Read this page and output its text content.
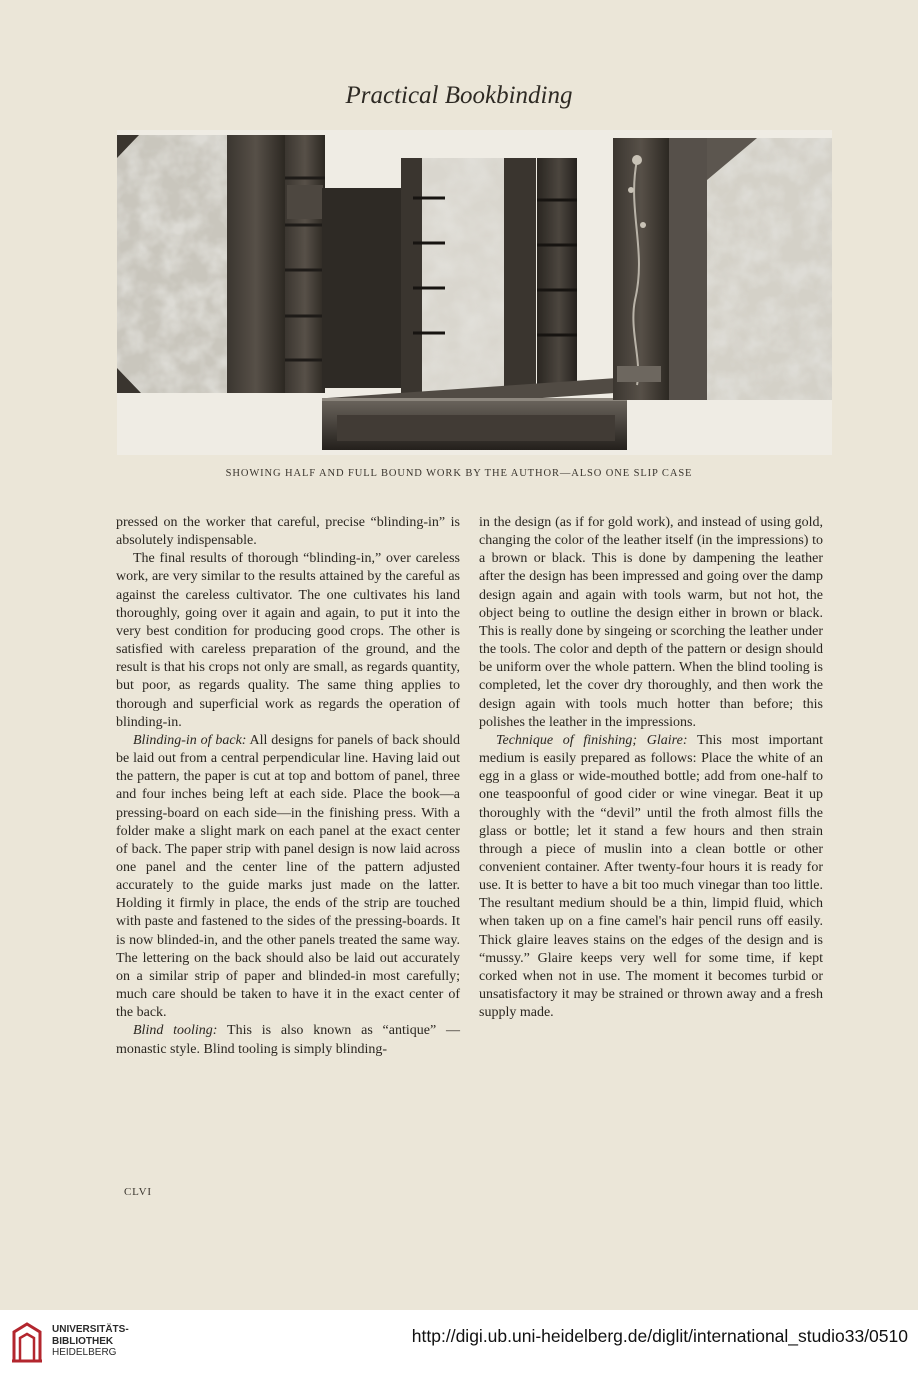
Practical Bookbinding
SHOWING HALF AND FULL BOUND WORK BY THE AUTHOR—ALSO ONE SLIP CASE

pressed on the worker that careful, precise “blinding-in” is absolutely indispensable.

The final results of thorough “blinding-in,” over careless work, are very similar to the results attained by the careful as against the careless cultivator. The one cultivates his land thoroughly, going over it again and again, to put it into the very best condition for producing good crops. The other is satisfied with careless preparation of the ground, and the result is that his crops not only are small, as regards quantity, but poor, as regards quality. The same thing applies to thorough and superficial work as regards the operation of blinding-in.

Blinding-in of back: All designs for panels of back should be laid out from a central perpendicular line. Having laid out the pattern, the paper is cut at top and bottom of panel, three and four inches being left at each side. Place the book—a pressing-board on each side—in the finishing press. With a folder make a slight mark on each panel at the exact center of back. The paper strip with panel design is now laid across one panel and the center line of the pattern adjusted accurately to the guide marks just made on the latter. Holding it firmly in place, the ends of the strip are touched with paste and fastened to the sides of the pressing-boards. It is now blinded-in, and the other panels treated the same way. The lettering on the back should also be laid out accurately on a similar strip of paper and blinded-in most carefully; much care should be taken to have it in the exact center of the back.

Blind tooling: This is also known as “antique” —monastic style. Blind tooling is simply blinding-

in the design (as if for gold work), and instead of using gold, changing the color of the leather itself (in the impressions) to a brown or black. This is done by dampening the leather after the design has been impressed and going over the damp design again and again with tools warm, but not hot, the object being to outline the design either in brown or black. This is really done by singeing or scorching the leather under the tools. The color and depth of the pattern or design should be uniform over the whole pattern. When the blind tooling is completed, let the cover dry thoroughly, and then work the design again with tools much hotter than before; this polishes the leather in the impressions.

Technique of finishing; Glaire: This most important medium is easily prepared as follows: Place the white of an egg in a glass or wide-mouthed bottle; add from one-half to one teaspoonful of good cider or wine vinegar. Beat it up thoroughly with the “devil” until the froth almost fills the glass or bottle; let it stand a few hours and then strain through a piece of muslin into a clean bottle or other convenient container. After twenty-four hours it is ready for use. It is better to have a bit too much vinegar than too little. The resultant medium should be a thin, limpid fluid, which when taken up on a fine camel's hair pencil runs off easily. Thick glaire leaves stains on the edges of the design and is “mussy.” Glaire keeps very well for some time, if kept corked when not in use. The moment it becomes turbid or unsatisfactory it may be strained or thrown away and a fresh supply made.

CLVI
UNIVERSITÄTS-
BIBLIOTHEK
HEIDELBERG
http://digi.ub.uni-heidelberg.de/diglit/international_studio33/0510
